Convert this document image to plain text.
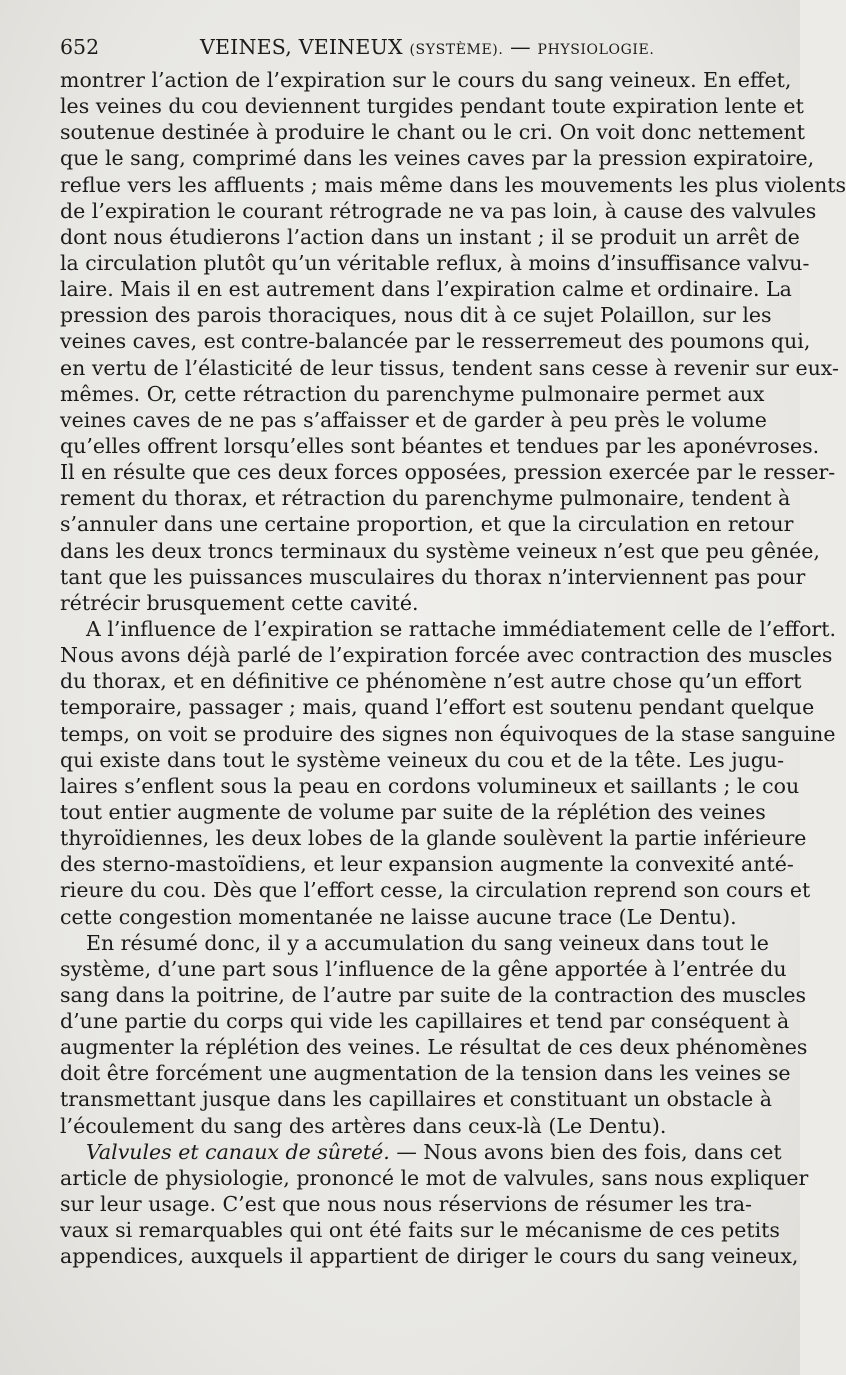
652	VEINES, VEINEUX (SYSTÈME). — PHYSIOLOGIE.
montrer l’action de l’expiration sur le cours du sang veineux. En effet,
les veines du cou deviennent turgides pendant toute expiration lente et
soutenue destinée à produire le chant ou le cri. On voit donc nettement
que le sang, comprimé dans les veines caves par la pression expiratoire,
reflue vers les affluents ; mais même dans les mouvements les plus violents
de l’expiration le courant rétrograde ne va pas loin, à cause des valvules
dont nous étudierons l’action dans un instant ; il se produit un arrêt de
la circulation plutôt qu’un véritable reflux, à moins d’insuffisance valvu-
laire. Mais il en est autrement dans l’expiration calme et ordinaire. La
pression des parois thoraciques, nous dit à ce sujet Polaillon, sur les
veines caves, est contre-balancée par le resserremeut des poumons qui,
en vertu de l’élasticité de leur tissus, tendent sans cesse à revenir sur eux-
mêmes. Or, cette rétraction du parenchyme pulmonaire permet aux
veines caves de ne pas s’affaisser et de garder à peu près le volume
qu’elles offrent lorsqu’elles sont béantes et tendues par les aponévroses.
Il en résulte que ces deux forces opposées, pression exercée par le resser-
rement du thorax, et rétraction du parenchyme pulmonaire, tendent à
s’annuler dans une certaine proportion, et que la circulation en retour
dans les deux troncs terminaux du système veineux n’est que peu gênée,
tant que les puissances musculaires du thorax n’interviennent pas pour
rétrécir brusquement cette cavité.
A l’influence de l’expiration se rattache immédiatement celle de l’effort.
Nous avons déjà parlé de l’expiration forcée avec contraction des muscles
du thorax, et en définitive ce phénomène n’est autre chose qu’un effort
temporaire, passager ; mais, quand l’effort est soutenu pendant quelque
temps, on voit se produire des signes non équivoques de la stase sanguine
qui existe dans tout le système veineux du cou et de la tête. Les jugu-
laires s’enflent sous la peau en cordons volumineux et saillants ; le cou
tout entier augmente de volume par suite de la réplétion des veines
thyroïdiennes, les deux lobes de la glande soulèvent la partie inférieure
des sterno-mastoïdiens, et leur expansion augmente la convexité anté-
rieure du cou. Dès que l’effort cesse, la circulation reprend son cours et
cette congestion momentanée ne laisse aucune trace (Le Dentu).
En résumé donc, il y a accumulation du sang veineux dans tout le
système, d’une part sous l’influence de la gêne apportée à l’entrée du
sang dans la poitrine, de l’autre par suite de la contraction des muscles
d’une partie du corps qui vide les capillaires et tend par conséquent à
augmenter la réplétion des veines. Le résultat de ces deux phénomènes
doit être forcément une augmentation de la tension dans les veines se
transmettant jusque dans les capillaires et constituant un obstacle à
l’écoulement du sang des artères dans ceux-là (Le Dentu).
Valvules et canaux de sûreté. — Nous avons bien des fois, dans cet
article de physiologie, prononcé le mot de valvules, sans nous expliquer
sur leur usage. C’est que nous nous réservions de résumer les tra-
vaux si remarquables qui ont été faits sur le mécanisme de ces petits
appendices, auxquels il appartient de diriger le cours du sang veineux,
